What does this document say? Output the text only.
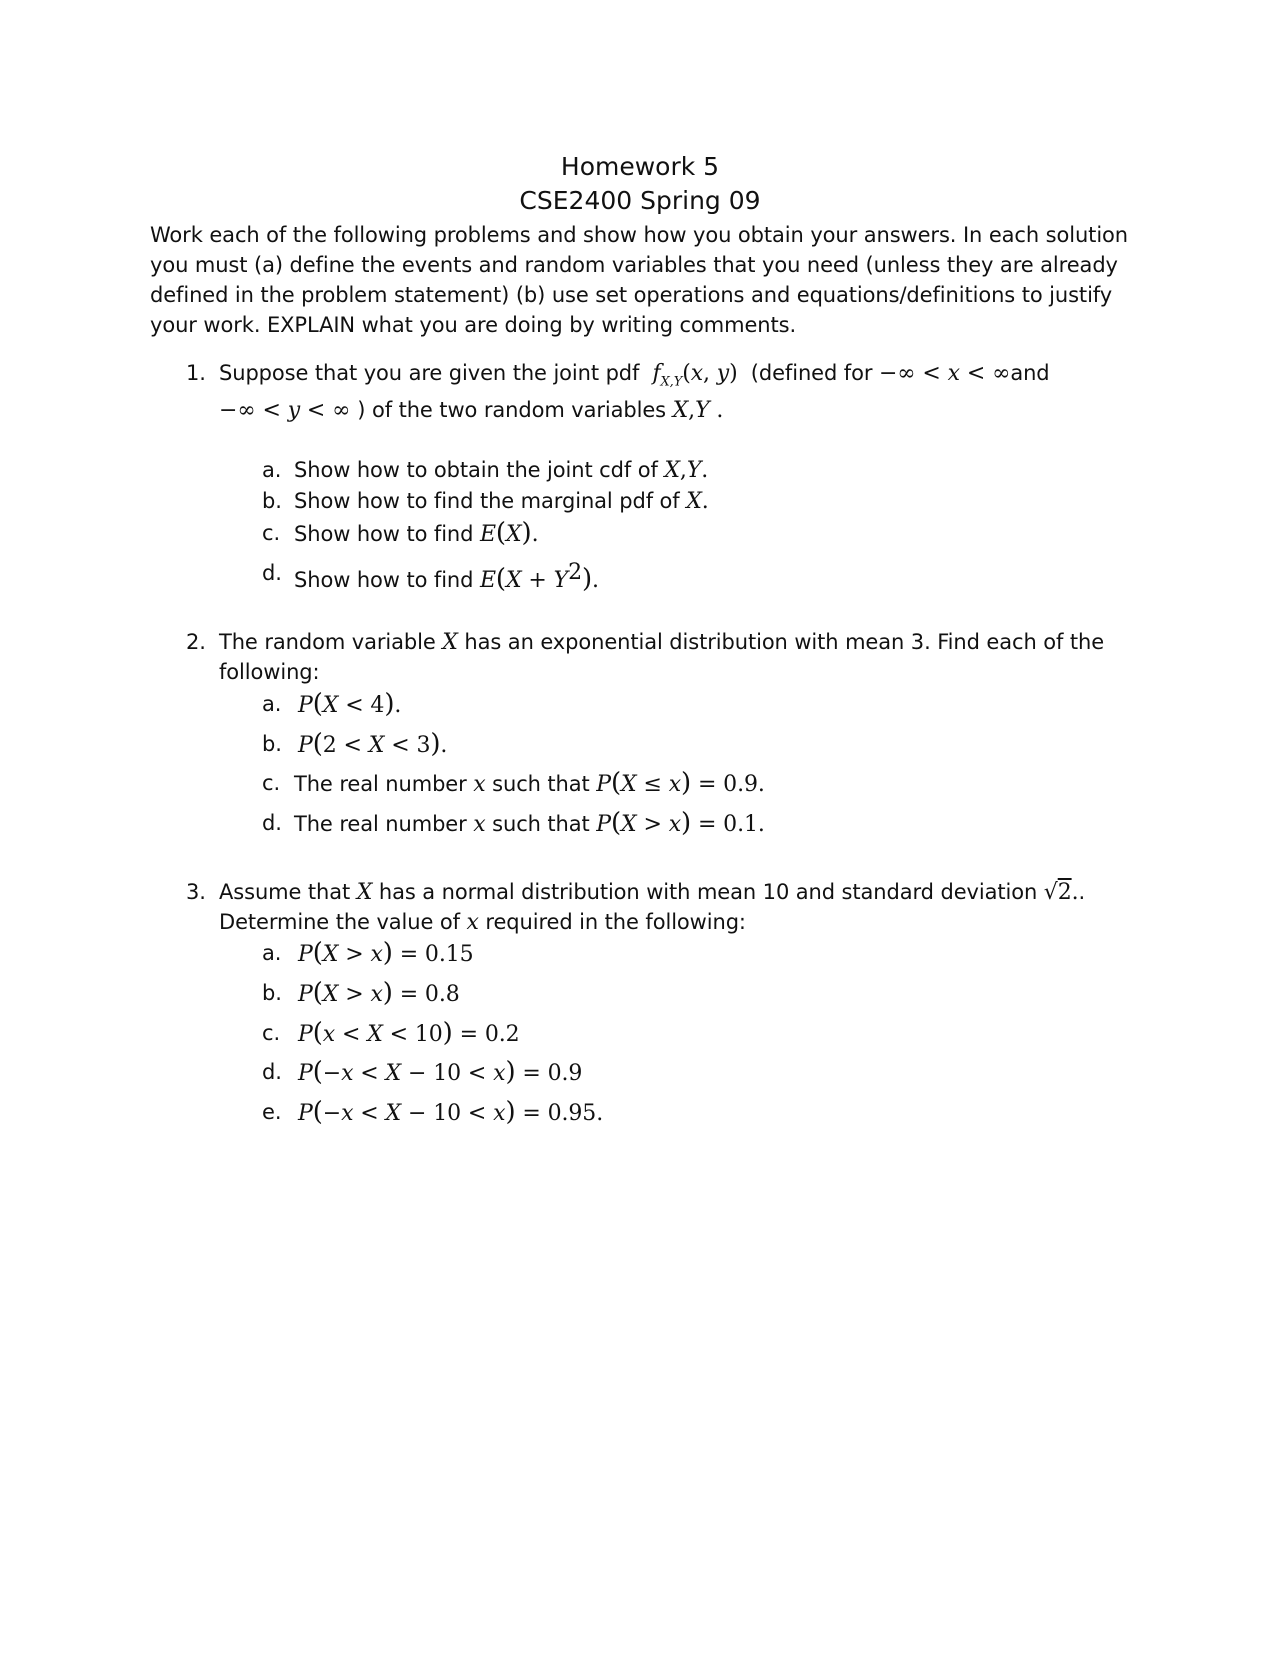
Homework 5
CSE2400 Spring 09

Work each of the following problems and show how you obtain your answers. In each solution you must (a) define the events and random variables that you need (unless they are already defined in the problem statement) (b) use set operations and equations/definitions to justify your work. EXPLAIN what you are doing by writing comments.

1. Suppose that you are given the joint pdf $f_{X,Y}(x$, y) (defined for −∞ < x < ∞and
−∞ < y < ∞ ) of the two random variables X,Y .
a. Show how to obtain the joint cdf of X,Y.
b. Show how to find the marginal pdf of X.
c. Show how to find E(X).
d. Show how to find $E(X + Y^2)$.
2. The random variable X has an exponential distribution with mean 3. Find each of the
following:
a. P(X < 4).
b. P(2 < X < 3).
c. The real number x such that P(X ≤ x) = 0.9.
d. The real number x such that P(X > x) = 0.1.
3. Assume that X has a normal distribution with mean 10 and standard deviation √2..
Determine the value of x required in the following:
a. P(X > x) = 0.15
b. P(X > x) = 0.8
c. P(x < X < 10) = 0.2
d. P(−x < X − 10 < x) = 0.9
e. P(−x < X − 10 < x) = 0.95.
